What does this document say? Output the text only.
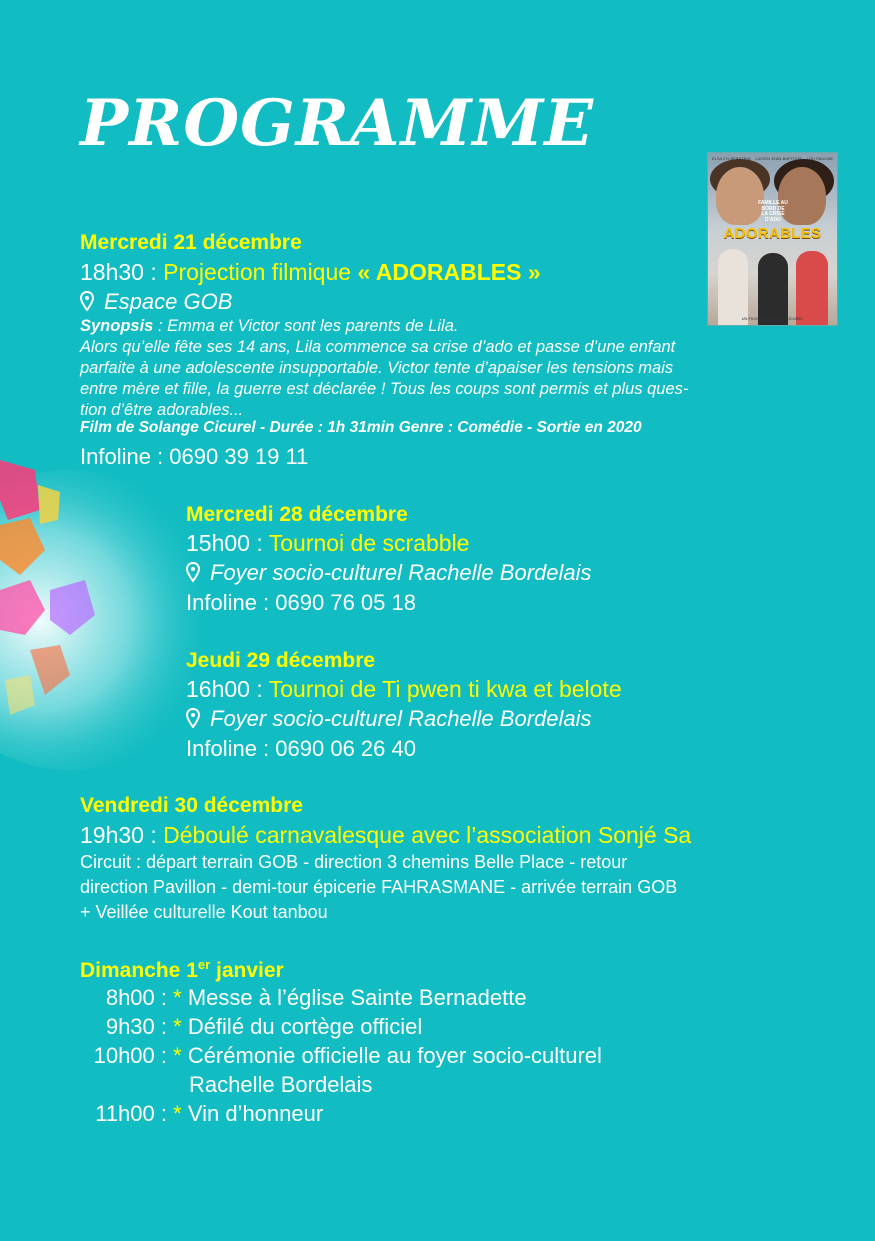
PROGRAMME	ELSA ZYLBERSTEIN LUCIEN JEAN-BAPTISTE LOU PAULINE
FAMILLE AU BORD DE LA CRISE D'ADO
ADORABLES
UN FILM DE SOLANGE CICUREL
Mercredi 21 décembre
18h30 : Projection filmique « ADORABLES »
Espace GOB
Synopsis : Emma et Victor sont les parents de Lila.
Alors qu’elle fête ses 14 ans, Lila commence sa crise d’ado et passe d’une enfant
parfaite à une adolescente insupportable. Victor tente d’apaiser les tensions mais
entre mère et fille, la guerre est déclarée ! Tous les coups sont permis et plus ques-
tion d’être adorables...
Film de Solange Cicurel - Durée : 1h 31min Genre : Comédie - Sortie en 2020
Infoline : 0690 39 19 11
Mercredi 28 décembre
15h00 : Tournoi de scrabble
Foyer socio-culturel Rachelle Bordelais
Infoline : 0690 76 05 18
Jeudi 29 décembre
16h00 : Tournoi de Ti pwen ti kwa et belote
Foyer socio-culturel Rachelle Bordelais
Infoline : 0690 06 26 40
Vendredi 30 décembre
19h30 : Déboulé carnavalesque avec l’association Sonjé Sa
Circuit : départ terrain GOB - direction 3 chemins Belle Place - retour
direction Pavillon - demi-tour épicerie FAHRASMANE - arrivée terrain GOB
+ Veillée culturelle Kout tanbou
Dimanche 1er janvier
8h00 : * Messe à l’église Sainte Bernadette
9h30 : * Défilé du cortège officiel
10h00 : * Cérémonie officielle au foyer socio-culturel
Rachelle Bordelais
11h00 : * Vin d’honneur
